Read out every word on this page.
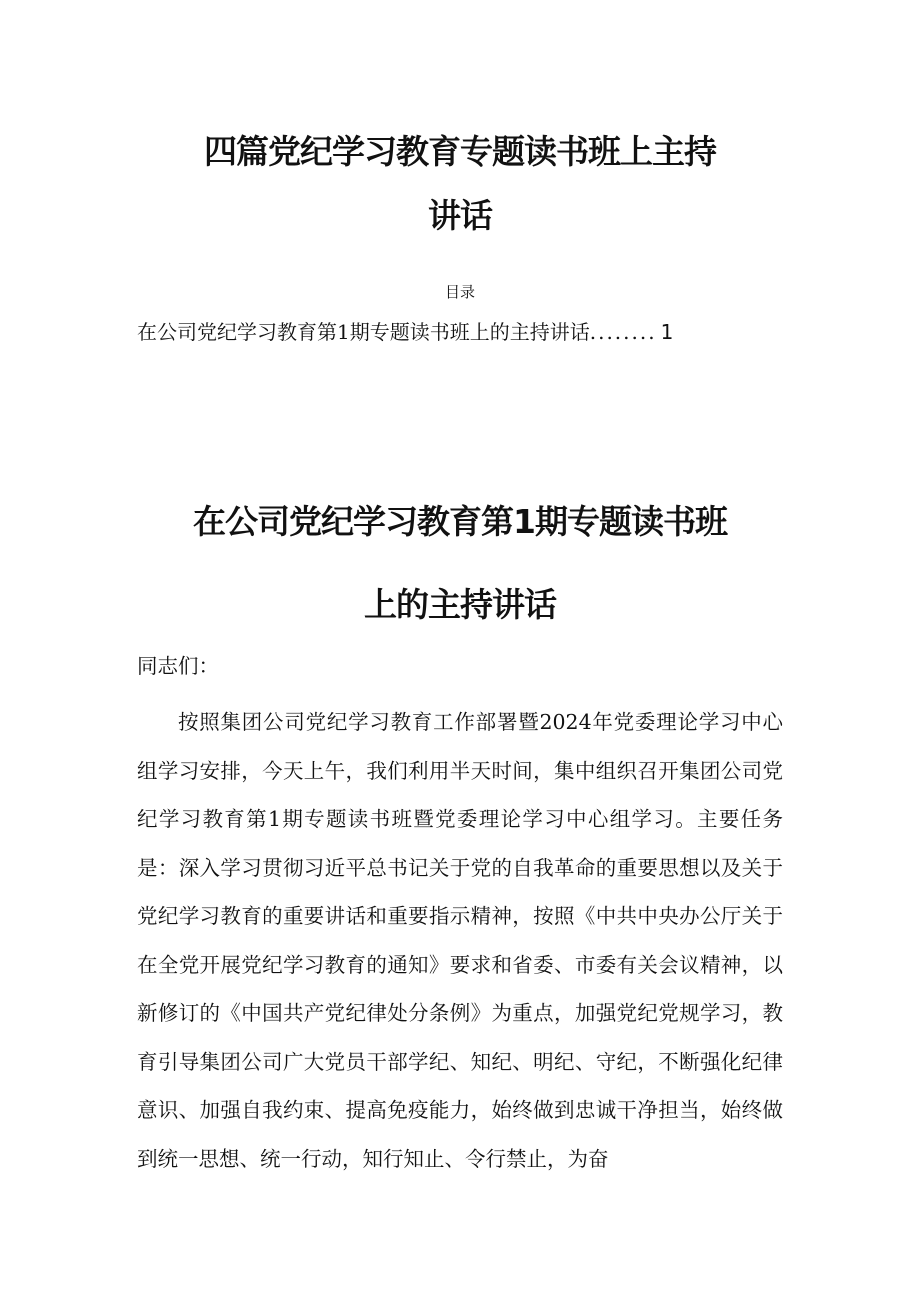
四篇党纪学习教育专题读书班上主持
讲话
目录
在公司党纪学习教育第1期专题读书班上的主持讲话........ 1
在公司党纪学习教育第1期专题读书班
上的主持讲话
同志们：
按照集团公司党纪学习教育工作部署暨2024年党委理论学习中心组学习安排，今天上午，我们利用半天时间，集中组织召开集团公司党纪学习教育第1期专题读书班暨党委理论学习中心组学习。主要任务是：深入学习贯彻习近平总书记关于党的自我革命的重要思想以及关于党纪学习教育的重要讲话和重要指示精神，按照《中共中央办公厅关于在全党开展党纪学习教育的通知》要求和省委、市委有关会议精神，以新修订的《中国共产党纪律处分条例》为重点，加强党纪党规学习，教育引导集团公司广大党员干部学纪、知纪、明纪、守纪，不断强化纪律意识、加强自我约束、提高免疫能力，始终做到忠诚干净担当，始终做到统一思想、统一行动，知行知止、令行禁止，为奋
